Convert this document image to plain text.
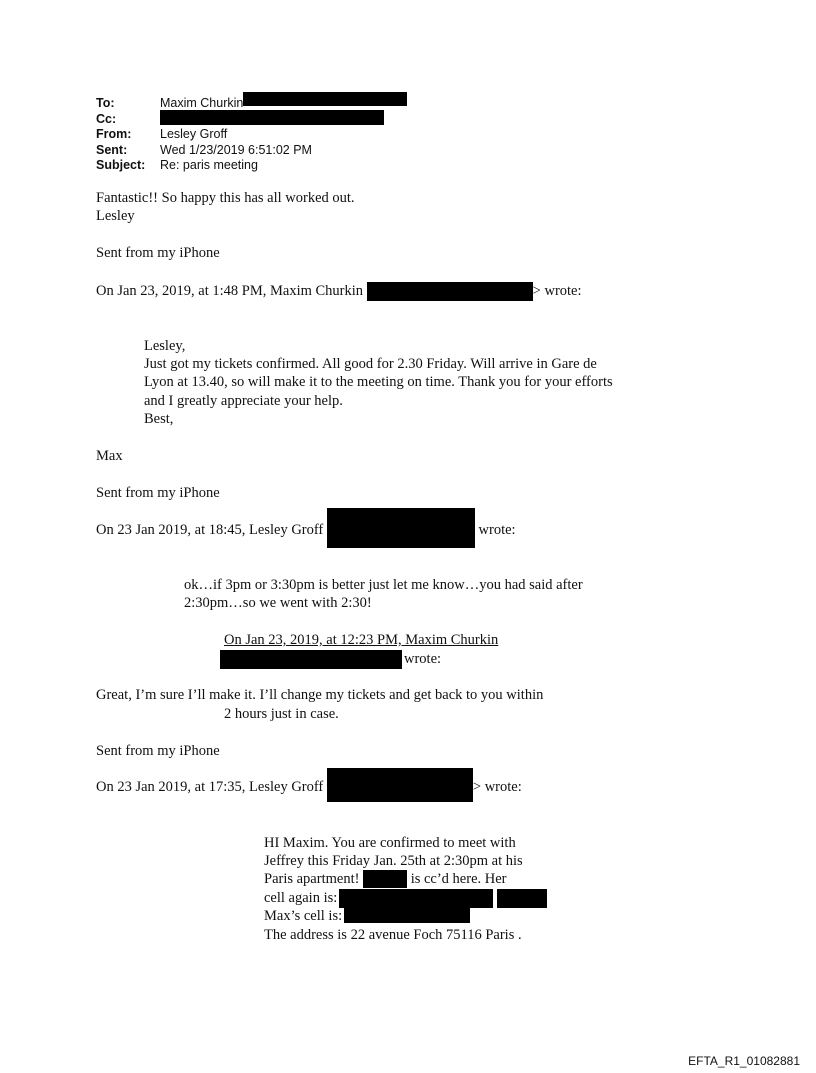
To:	Maxim Churkin
Cc:
From:	Lesley Groff
Sent:	Wed 1/23/2019 6:51:02 PM
Subject:	Re: paris meeting

Fantastic!! So happy this has all worked out.

Lesley

Sent from my iPhone

On Jan 23, 2019, at 1:48 PM, Maxim Churkin	> wrote:

Lesley,

Just got my tickets confirmed. All good for 2.30 Friday. Will arrive in Gare de

Lyon at 13.40, so will make it to the meeting on time. Thank you for your efforts

and I greatly appreciate your help.

Best,

Max

Sent from my iPhone

On 23 Jan 2019, at 18:45, Lesley Groff	wrote:

ok…if 3pm or 3:30pm is better just let me know…you had said after

2:30pm…so we went with 2:30!

On Jan 23, 2019, at 12:23 PM, Maxim Churkin

wrote:

Great, I’m sure I’ll make it. I’ll change my tickets and get back to you within

2 hours just in case.

Sent from my iPhone

On 23 Jan 2019, at 17:35, Lesley Groff	> wrote:

HI Maxim. You are confirmed to meet with

Jeffrey this Friday Jan. 25th at 2:30pm at his

Paris apartment!	is cc’d here. Her

cell again is:

Max’s cell is:

The address is 22 avenue Foch 75116 Paris .

EFTA_R1_01082881
